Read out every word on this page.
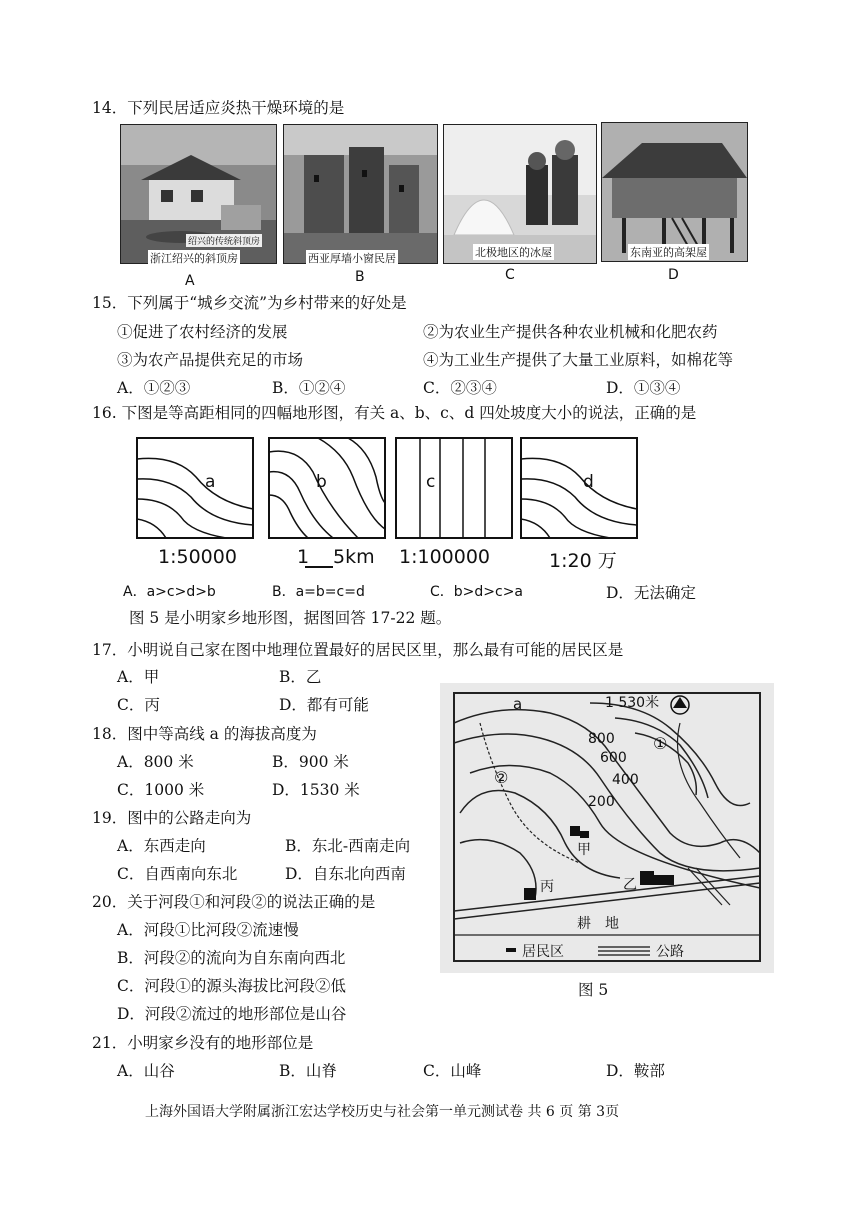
14．下列民居适应炎热干燥环境的是
绍兴的传统斜顶房
浙江绍兴的斜顶房
A
西亚厚墙小窗民居
B
北极地区的冰屋
C
东南亚的高架屋
D
15．下列属于“城乡交流”为乡村带来的好处是
①促进了农村经济的发展	②为农业生产提供各种农业机械和化肥农药
③为农产品提供充足的市场	④为工业生产提供了大量工业原料，如棉花等
A．①②③	B．①②④	C．②③④	D．①③④
16. 下图是等高距相同的四幅地形图，有关 a、b、c、d 四处坡度大小的说法，正确的是
a	b	c	d
1:50000	1 5km 1:100000	1:20 万
A．a>c>d>b	B．a=b=c=d	C．b>d>c>a	D．无法确定
图 5 是小明家乡地形图，据图回答 17-22 题。
17．小明说自己家在图中地理位置最好的居民区里，那么最有可能的居民区是
A．甲	B．乙
C．丙	D．都有可能
18．图中等高线 a 的海拔高度为
A．800 米	B．900 米
C．1000 米	D．1530 米
19．图中的公路走向为
A．东西走向	B．东北-西南走向
C．自西南向东北	D．自东北向西南
20．关于河段①和河段②的说法正确的是
A．河段①比河段②流速慢
B．河段②的流向为自东南向西北
C．河段①的源头海拔比河段②低
D．河段②流过的地形部位是山谷
21．小明家乡没有的地形部位是
A．山谷	B．山脊	C．山峰	D．鞍部
a	1 530米
800
600
400
200
①
②
甲
乙
丙
耕　地
居民区	公路
图 5
上海外国语大学附属浙江宏达学校历史与社会第一单元测试卷 共 6 页 第 3页
